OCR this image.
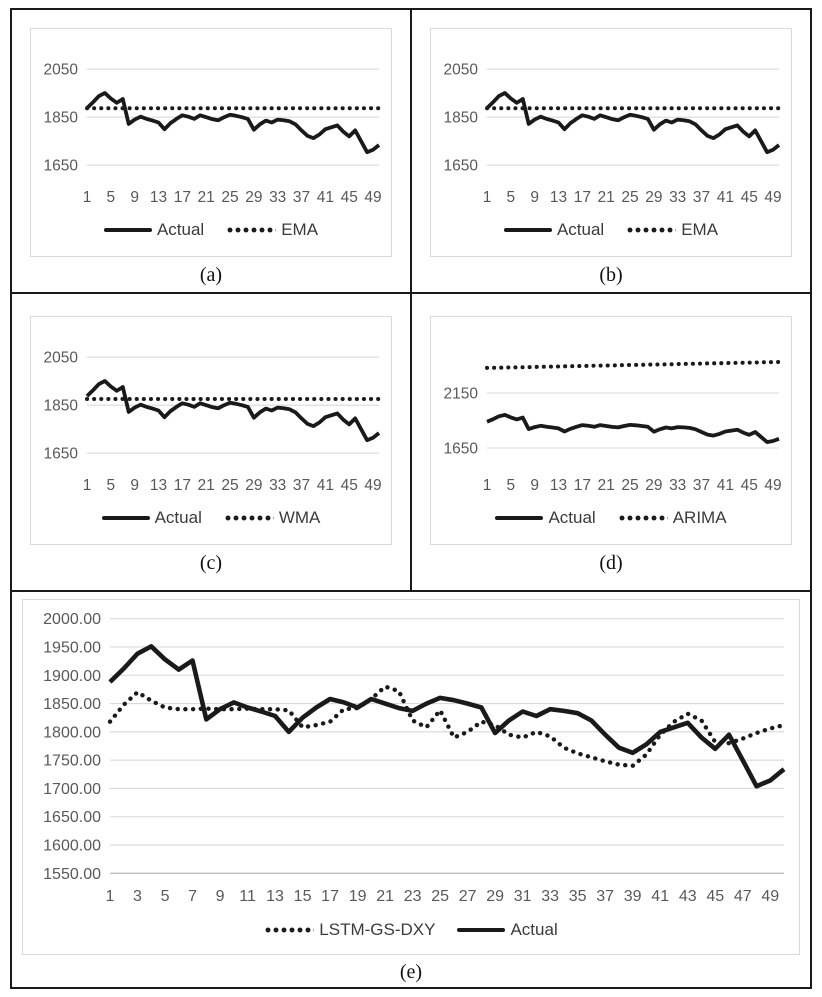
2050
1850
1650
1 5 9 13 17 21 25 29 33 37 41 45 49
Actual	EMA
(a)
2050
1850
1650
1 5 9 13 17 21 25 29 33 37 41 45 49
Actual	EMA
(b)
2050
1850
1650
1 5 9 13 17 21 25 29 33 37 41 45 49
Actual	WMA
(c)
2150
1650
1 5 9 13 17 21 25 29 33 37 41 45 49
Actual	ARIMA
(d)
2000.00
1950.00
1900.00
1850.00
1800.00
1750.00
1700.00
1650.00
1600.00
1550.00
1 3 5 7 9 11 13 15 17 19 21 23 25 27 29 31 33 35 37 39 41 43 45 47 49
LSTM-GS-DXY	Actual
(e)
